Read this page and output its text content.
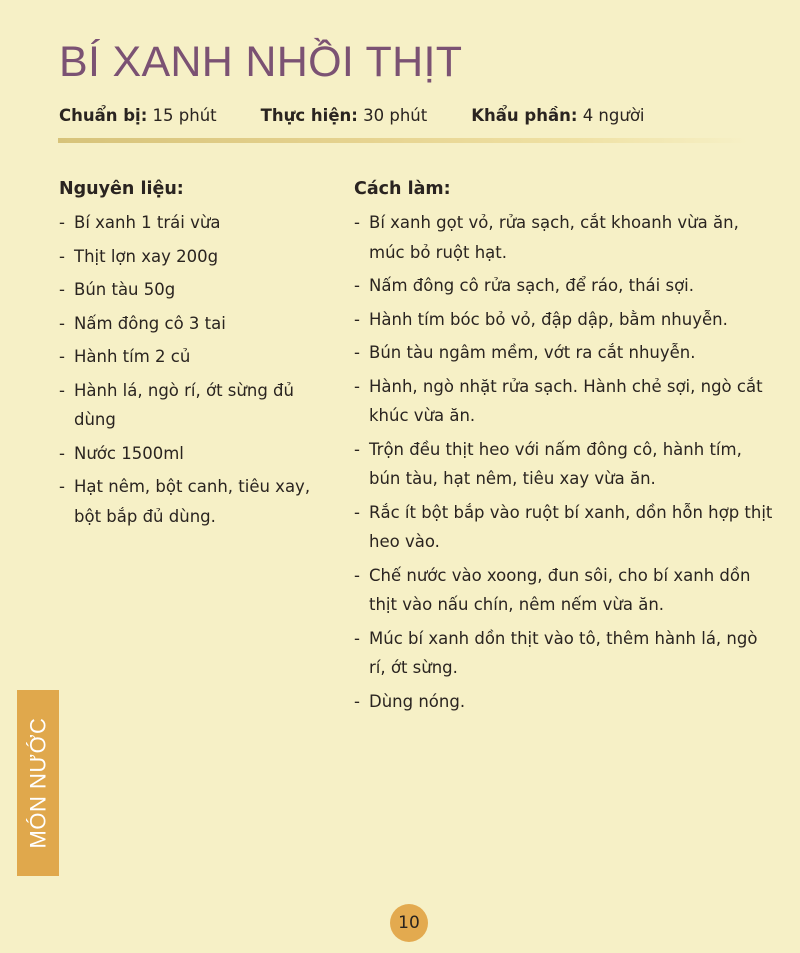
BÍ XANH NHỒI THỊT
Chuẩn bị: 15 phút	Thực hiện: 30 phút	Khẩu phần: 4 người
Nguyên liệu:
- Bí xanh 1 trái vừa
- Thịt lợn xay 200g
- Bún tàu 50g
- Nấm đông cô 3 tai
- Hành tím 2 củ
- Hành lá, ngò rí, ớt sừng đủ dùng
- Nước 1500ml
- Hạt nêm, bột canh, tiêu xay, bột bắp đủ dùng.
Cách làm:
- Bí xanh gọt vỏ, rửa sạch, cắt khoanh vừa ăn, múc bỏ ruột hạt.
- Nấm đông cô rửa sạch, để ráo, thái sợi.
- Hành tím bóc bỏ vỏ, đập dập, bằm nhuyễn.
- Bún tàu ngâm mềm, vớt ra cắt nhuyễn.
- Hành, ngò nhặt rửa sạch. Hành chẻ sợi, ngò cắt khúc vừa ăn.
- Trộn đều thịt heo với nấm đông cô, hành tím, bún tàu, hạt nêm, tiêu xay vừa ăn.
- Rắc ít bột bắp vào ruột bí xanh, dồn hỗn hợp thịt heo vào.
- Chế nước vào xoong, đun sôi, cho bí xanh dồn thịt vào nấu chín, nêm nếm vừa ăn.
- Múc bí xanh dồn thịt vào tô, thêm hành lá, ngò rí, ớt sừng.
- Dùng nóng.
MÓN NƯỚC
10
